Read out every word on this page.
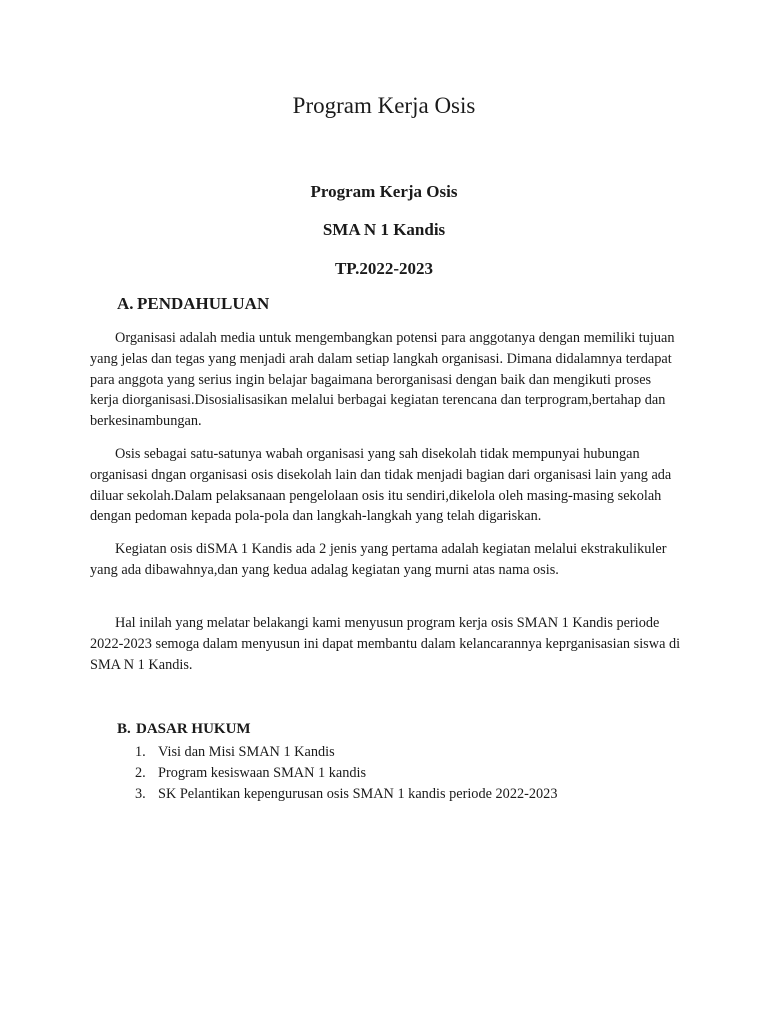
Program Kerja Osis

Program Kerja Osis

SMA N 1 Kandis

TP.2022-2023

A. PENDAHULUAN

Organisasi adalah media untuk mengembangkan potensi para anggotanya dengan memiliki tujuan yang jelas dan tegas yang menjadi arah dalam setiap langkah organisasi. Dimana didalamnya terdapat para anggota yang serius ingin belajar bagaimana berorganisasi dengan baik dan mengikuti proses kerja diorganisasi.Disosialisasikan melalui berbagai kegiatan terencana dan terprogram,bertahap dan berkesinambungan.

Osis sebagai satu-satunya wabah organisasi yang sah disekolah tidak mempunyai hubungan organisasi dngan organisasi osis disekolah lain dan tidak menjadi bagian dari organisasi lain yang ada diluar sekolah.Dalam pelaksanaan pengelolaan osis itu sendiri,dikelola oleh masing-masing sekolah dengan pedoman kepada pola-pola dan langkah-langkah yang telah digariskan.

Kegiatan osis diSMA 1 Kandis ada 2 jenis yang pertama adalah kegiatan melalui ekstrakulikuler yang ada dibawahnya,dan yang kedua adalag kegiatan yang murni atas nama osis.

Hal inilah yang melatar belakangi kami menyusun program kerja osis SMAN 1 Kandis periode 2022-2023 semoga dalam menyusun ini dapat membantu dalam kelancarannya keprganisasian siswa di SMA N 1 Kandis.

B. DASAR HUKUM
1. Visi dan Misi SMAN 1 Kandis
2. Program kesiswaan SMAN 1 kandis
3. SK Pelantikan kepengurusan osis SMAN 1 kandis periode 2022-2023
